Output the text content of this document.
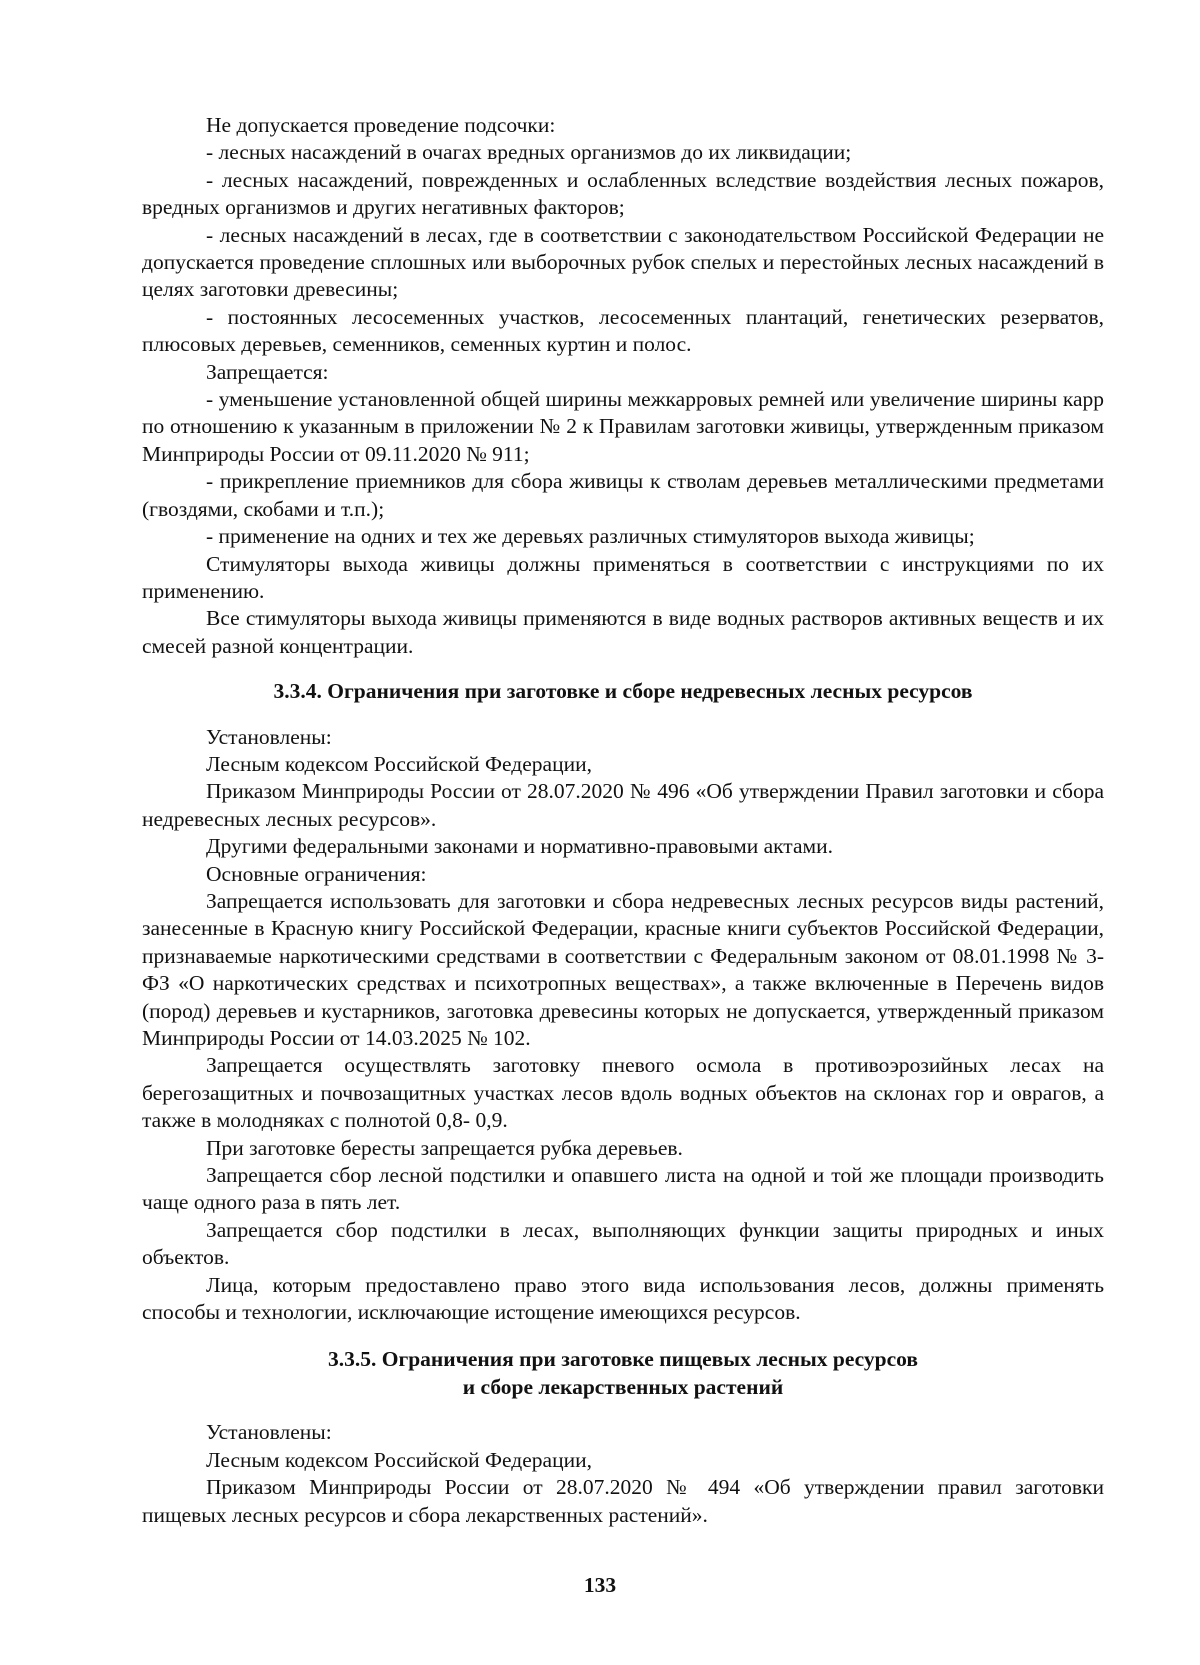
Не допускается проведение подсочки:

- лесных насаждений в очагах вредных организмов до их ликвидации;

- лесных насаждений, поврежденных и ослабленных вследствие воздействия лесных пожаров, вредных организмов и других негативных факторов;

- лесных насаждений в лесах, где в соответствии с законодательством Российской Федерации не допускается проведение сплошных или выборочных рубок спелых и перестойных лесных насаждений в целях заготовки древесины;

- постоянных лесосеменных участков, лесосеменных плантаций, генетических резерватов, плюсовых деревьев, семенников, семенных куртин и полос.

Запрещается:

- уменьшение установленной общей ширины межкарровых ремней или увеличение ширины карр по отношению к указанным в приложении № 2 к Правилам заготовки живицы, утвержденным приказом Минприроды России от 09.11.2020 № 911;

- прикрепление приемников для сбора живицы к стволам деревьев металлическими предметами (гвоздями, скобами и т.п.);

- применение на одних и тех же деревьях различных стимуляторов выхода живицы;

Стимуляторы выхода живицы должны применяться в соответствии с инструкциями по их применению.

Все стимуляторы выхода живицы применяются в виде водных растворов активных веществ и их смесей разной концентрации.

3.3.4. Ограничения при заготовке и сборе недревесных лесных ресурсов

Установлены:

Лесным кодексом Российской Федерации,

Приказом Минприроды России от 28.07.2020 № 496 «Об утверждении Правил заготовки и сбора недревесных лесных ресурсов».

Другими федеральными законами и нормативно-правовыми актами.

Основные ограничения:

Запрещается использовать для заготовки и сбора недревесных лесных ресурсов виды растений, занесенные в Красную книгу Российской Федерации, красные книги субъектов Российской Федерации, признаваемые наркотическими средствами в соответствии с Федеральным законом от 08.01.1998 № 3-ФЗ «О наркотических средствах и психотропных веществах», а также включенные в Перечень видов (пород) деревьев и кустарников, заготовка древесины которых не допускается, утвержденный приказом Минприроды России от 14.03.2025 № 102.

Запрещается осуществлять заготовку пневого осмола в противоэрозийных лесах на берегозащитных и почвозащитных участках лесов вдоль водных объектов на склонах гор и оврагов, а также в молодняках с полнотой 0,8- 0,9.

При заготовке бересты запрещается рубка деревьев.

Запрещается сбор лесной подстилки и опавшего листа на одной и той же площади производить чаще одного раза в пять лет.

Запрещается сбор подстилки в лесах, выполняющих функции защиты природных и иных объектов.

Лица, которым предоставлено право этого вида использования лесов, должны применять способы и технологии, исключающие истощение имеющихся ресурсов.

3.3.5. Ограничения при заготовке пищевых лесных ресурсов
и сборе лекарственных растений

Установлены:

Лесным кодексом Российской Федерации,

Приказом Минприроды России от 28.07.2020 № 494 «Об утверждении правил заготовки пищевых лесных ресурсов и сбора лекарственных растений».

133
